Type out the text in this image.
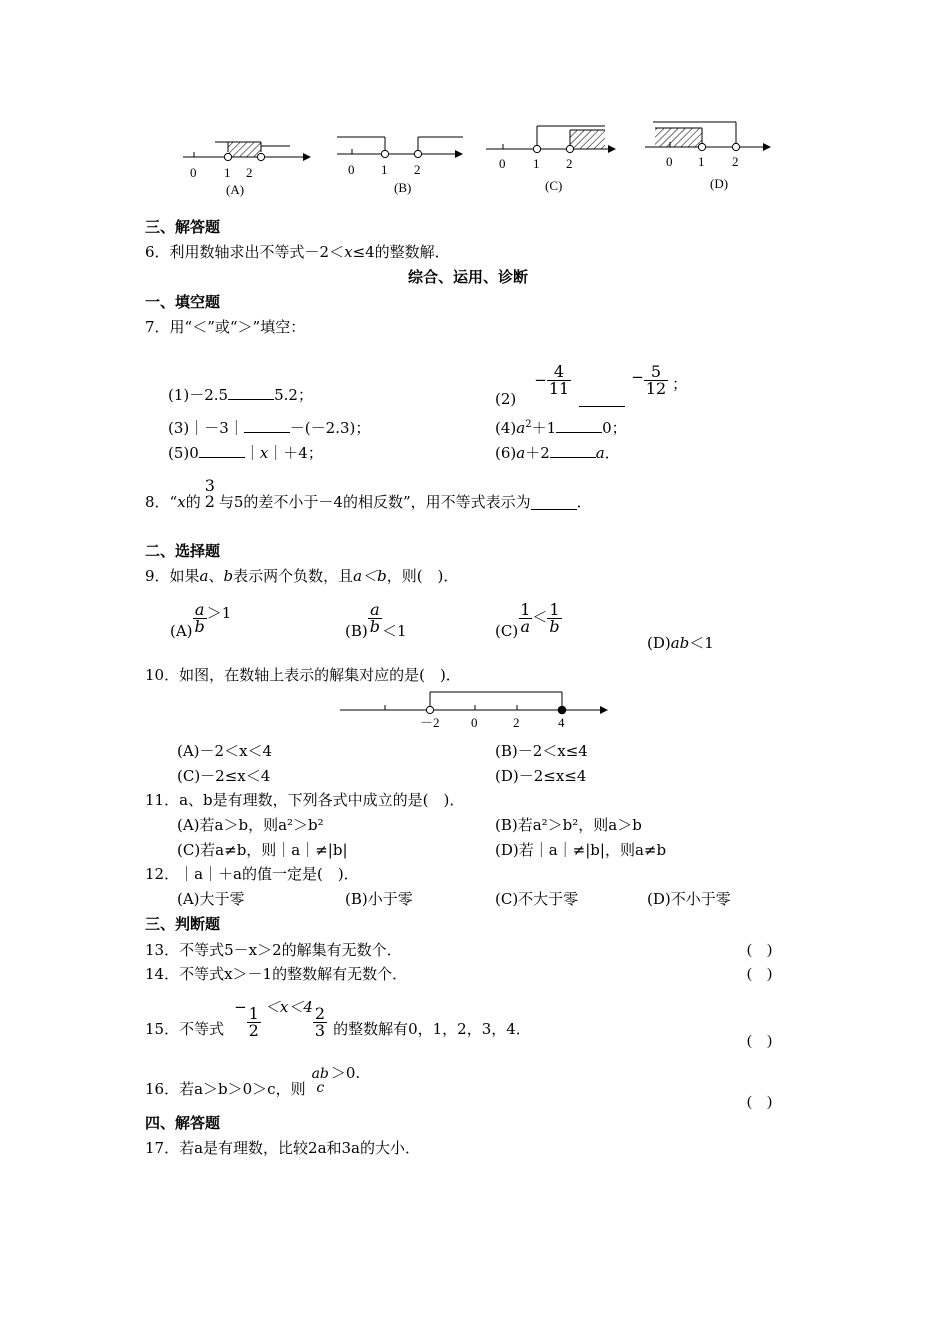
0 1 2	0 1 2	0 1 2	0 1 2
(A)	(B)	(C)	(D)
三、解答题
6．利用数轴求出不等式－2＜x≤4的整数解．
综合、运用、诊断
一、填空题
7．用“＜”或“＞”填空：
(1)－2.5	5.2；	(2)
− $\frac{4}{11}$	− $\frac{5}{12}$ ；
(3)｜－3｜	－(－2.3)；	$(4)a^2+1$	0；
(5)0	｜x｜＋4；	(6)a＋2	a．
8．“ x 的
3
2 与5的差不小于－4的相反数”，用不等式表示为	．
二、选择题
9．如果a、b表示两个负数，且a＜b，则(　)．
(A)
a
b
＞1
(B)
a
b ＜1	(C)
1
a ＜ 1
b
(D)ab＜1
10．如图，在数轴上表示的解集对应的是(　)．
－2 0	2	4
(A)－2＜x＜4	(B)－2＜x≤4
(C)－2≤x＜4	(D)－2≤x≤4
11．a、b是有理数，下列各式中成立的是(　)．
(A)若a＞b，则a²＞b²	(B)若a²＞b²，则a＞b
(C)若a≠b，则｜a｜≠|b|	(D)若｜a｜≠|b|，则a≠b
12．｜a｜＋a的值一定是(　)．
(A)大于零	(B)小于零	(C)不大于零	(D)不小于零
三、判断题
13．不等式5－x＞2的解集有无数个．	(　)
14．不等式x＞－1的整数解有无数个．	(　)
15．不等式
− $\frac{1}{2} <x<4$ 2
3 的整数解有0，1，2，3，4．
(　)
16．若a＞b＞0＞c，则
ab
c
＞0.
(　)
四、解答题
17．若a是有理数，比较2a和3a的大小．
